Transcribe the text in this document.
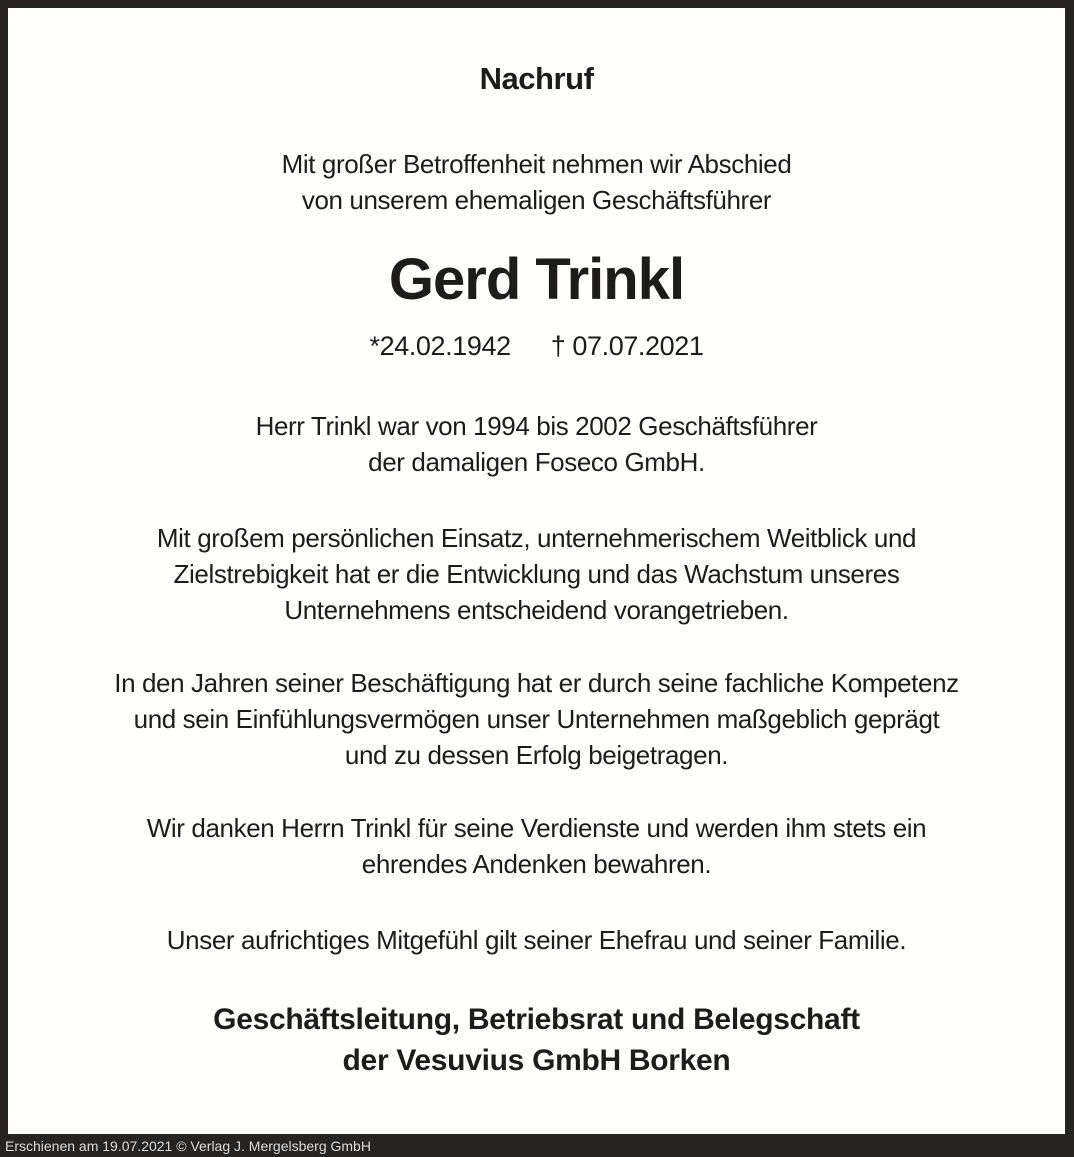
Nachruf
Mit großer Betroffenheit nehmen wir Abschied
von unserem ehemaligen Geschäftsführer
Gerd Trinkl
*24.02.1942 † 07.07.2021
Herr Trinkl war von 1994 bis 2002 Geschäftsführer
der damaligen Foseco GmbH.
Mit großem persönlichen Einsatz, unternehmerischem Weitblick und
Zielstrebigkeit hat er die Entwicklung und das Wachstum unseres
Unternehmens entscheidend vorangetrieben.
In den Jahren seiner Beschäftigung hat er durch seine fachliche Kompetenz
und sein Einfühlungsvermögen unser Unternehmen maßgeblich geprägt
und zu dessen Erfolg beigetragen.
Wir danken Herrn Trinkl für seine Verdienste und werden ihm stets ein
ehrendes Andenken bewahren.
Unser aufrichtiges Mitgefühl gilt seiner Ehefrau und seiner Familie.
Geschäftsleitung, Betriebsrat und Belegschaft
der Vesuvius GmbH Borken
Erschienen am 19.07.2021 © Verlag J. Mergelsberg GmbH
